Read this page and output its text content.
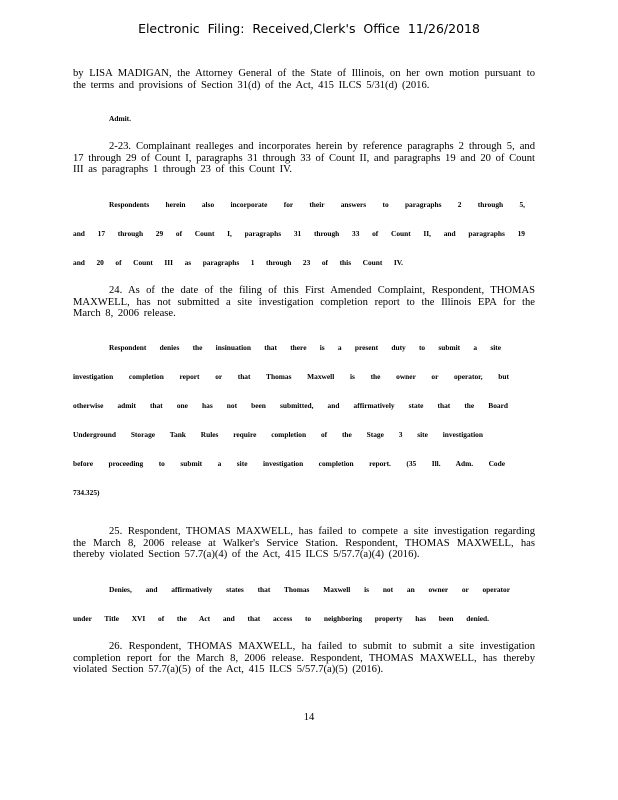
Electronic Filing: Received,Clerk's Office 11/26/2018
by LISA MADIGAN, the Attorney General of the State of Illinois, on her own motion pursuant to the terms and provisions of Section 31(d) of the Act, 415 ILCS 5/31(d) (2016.
Admit.
2-23. Complainant realleges and incorporates herein by reference paragraphs 2 through 5, and 17 through 29 of Count I, paragraphs 31 through 33 of Count II, and paragraphs 19 and 20 of Count III as paragraphs 1 through 23 of this Count IV.
Respondents herein also incorporate for their answers to paragraphs 2 through 5,
and 17 through 29 of Count I, paragraphs 31 through 33 of Count II, and paragraphs 19
and 20 of Count III as paragraphs 1 through 23 of this Count IV.
24. As of the date of the filing of this First Amended Complaint, Respondent, THOMAS MAXWELL, has not submitted a site investigation completion report to the Illinois EPA for the March 8, 2006 release.
Respondent denies the insinuation that there is a present duty to submit a site
investigation completion report or that Thomas Maxwell is the owner or operator, but
otherwise admit that one has not been submitted, and affirmatively state that the Board
Underground Storage Tank Rules require completion of the Stage 3 site investigation
before proceeding to submit a site investigation completion report. (35 Ill. Adm. Code
734.325)
25. Respondent, THOMAS MAXWELL, has failed to compete a site investigation regarding the March 8, 2006 release at Walker's Service Station. Respondent, THOMAS MAXWELL, has thereby violated Section 57.7(a)(4) of the Act, 415 ILCS 5/57.7(a)(4) (2016).
Denies, and affirmatively states that Thomas Maxwell is not an owner or operator
under Title XVI of the Act and that access to neighboring property has been denied.
26. Respondent, THOMAS MAXWELL, ha failed to submit to submit a site investigation completion report for the March 8, 2006 release. Respondent, THOMAS MAXWELL, has thereby violated Section 57.7(a)(5) of the Act, 415 ILCS 5/57.7(a)(5) (2016).
14
